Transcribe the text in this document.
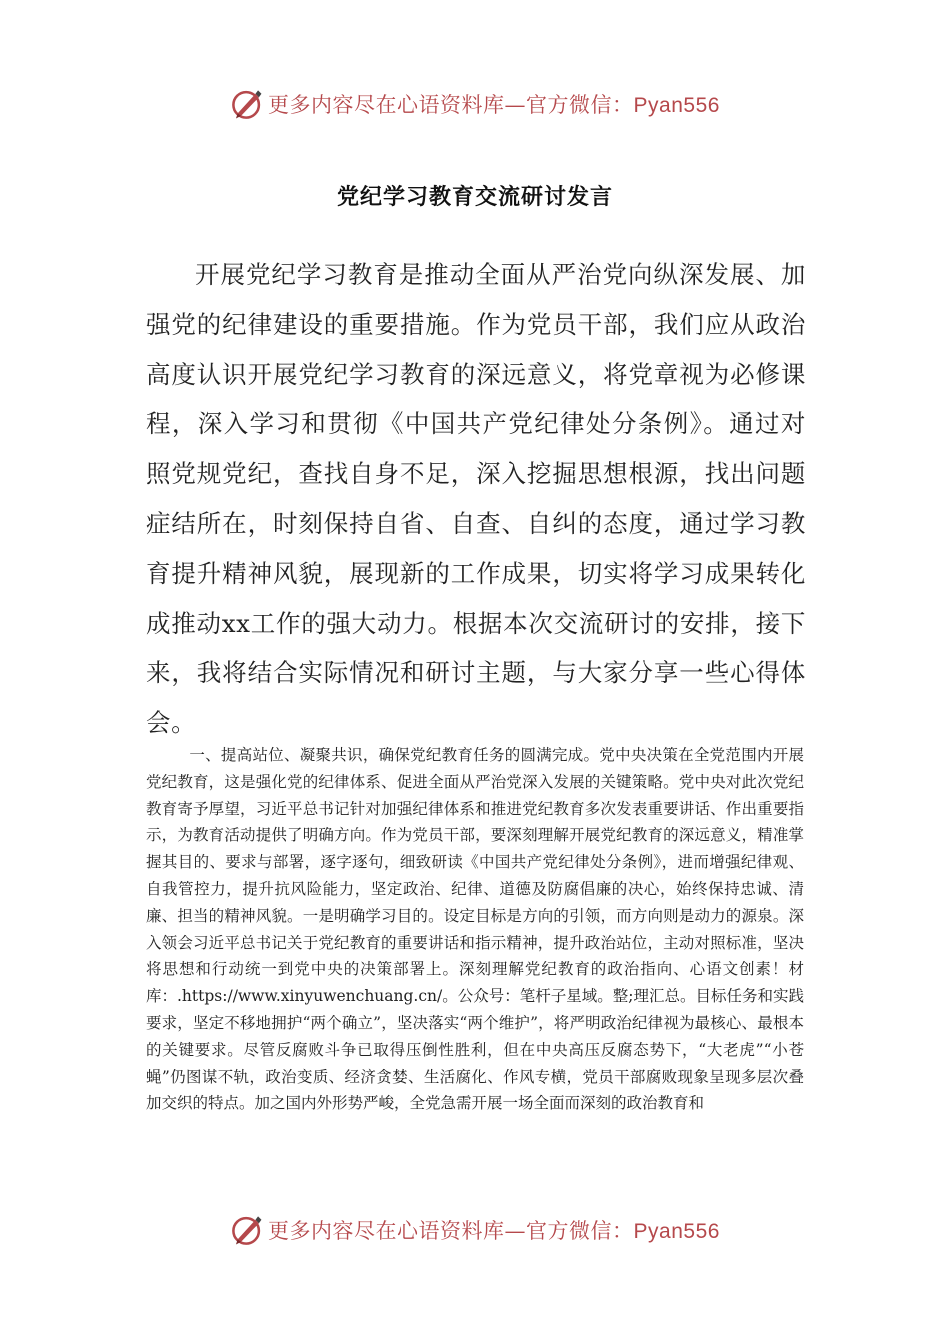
更多内容尽在心语资料库—官方微信：Pyan556
党纪学习教育交流研讨发言

开展党纪学习教育是推动全面从严治党向纵深发展、加强党的纪律建设的重要措施。作为党员干部，我们应从政治高度认识开展党纪学习教育的深远意义，将党章视为必修课程，深入学习和贯彻《中国共产党纪律处分条例》。通过对照党规党纪，查找自身不足，深入挖掘思想根源，找出问题症结所在，时刻保持自省、自查、自纠的态度，通过学习教育提升精神风貌，展现新的工作成果，切实将学习成果转化成推动xx工作的强大动力。根据本次交流研讨的安排，接下来，我将结合实际情况和研讨主题，与大家分享一些心得体会。

一、提高站位、凝聚共识，确保党纪教育任务的圆满完成。党中央决策在全党范围内开展党纪教育，这是强化党的纪律体系、促进全面从严治党深入发展的关键策略。党中央对此次党纪教育寄予厚望，习近平总书记针对加强纪律体系和推进党纪教育多次发表重要讲话、作出重要指示，为教育活动提供了明确方向。作为党员干部，要深刻理解开展党纪教育的深远意义，精准掌握其目的、要求与部署，逐字逐句，细致研读《中国共产党纪律处分条例》，进而增强纪律观、自我管控力，提升抗风险能力，坚定政治、纪律、道德及防腐倡廉的决心，始终保持忠诚、清廉、担当的精神风貌。一是明确学习目的。设定目标是方向的引领，而方向则是动力的源泉。深入领会习近平总书记关于党纪教育的重要讲话和指示精神，提升政治站位，主动对照标准，坚决将思想和行动统一到党中央的决策部署上。深刻理解党纪教育的政治指向、心语文创素！材库：.https://www.xinyuwenchuang.cn/。公众号：笔杆子星域。整;理汇总。目标任务和实践要求，坚定不移地拥护“两个确立”，坚决落实“两个维护”，将严明政治纪律视为最核心、最根本的关键要求。尽管反腐败斗争已取得压倒性胜利，但在中央高压反腐态势下，“大老虎”“小苍蝇”仍图谋不轨，政治变质、经济贪婪、生活腐化、作风专横，党员干部腐败现象呈现多层次叠加交织的特点。加之国内外形势严峻，全党急需开展一场全面而深刻的政治教育和

更多内容尽在心语资料库—官方微信：Pyan556
